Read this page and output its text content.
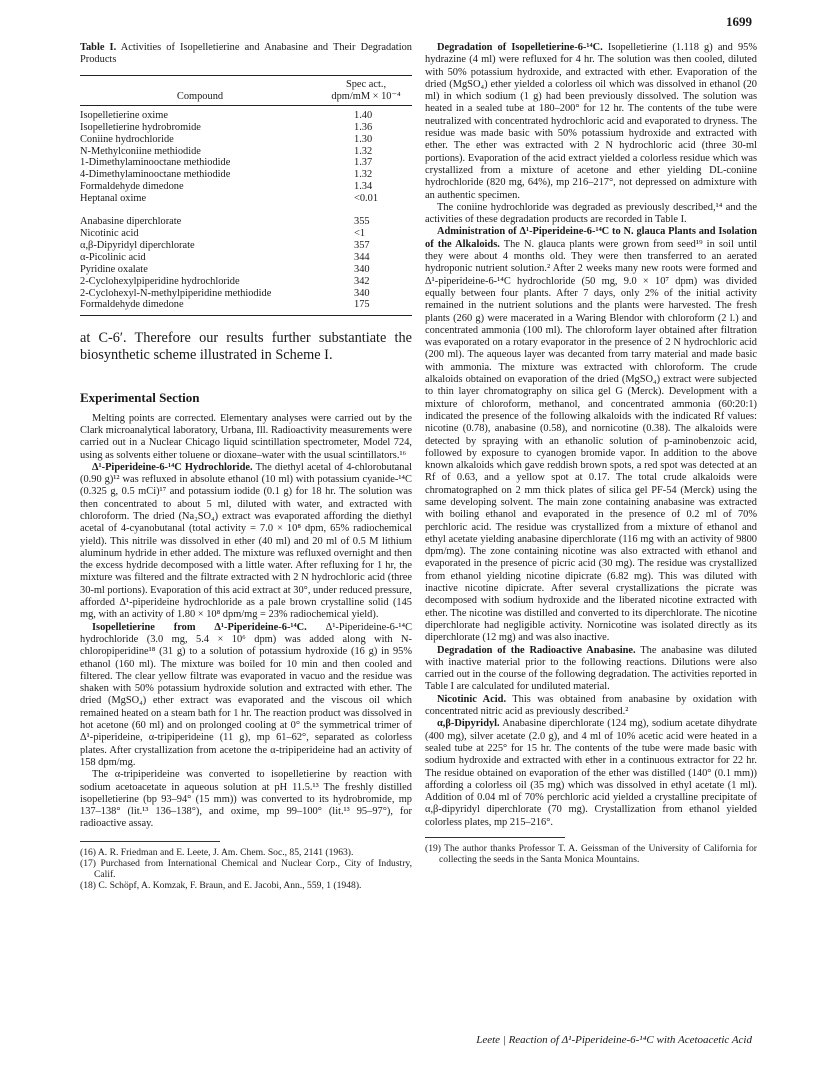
1699
Table I. Activities of Isopelletierine and Anabasine and Their Degradation Products
Compound	Spec act.,
dpm/mM × 10⁻⁴

Isopelletierine oxime	1.40
Isopelletierine hydrobromide	1.36
Coniine hydrochloride	1.30
N-Methylconiine methiodide	1.32
1-Dimethylaminooctane methiodide	1.37
4-Dimethylaminooctane methiodide	1.32
Formaldehyde dimedone	1.34
Heptanal oxime	<0.01

Anabasine diperchlorate	355
Nicotinic acid	<1
α,β-Dipyridyl diperchlorate	357
α-Picolinic acid	344
Pyridine oxalate	340
2-Cyclohexylpiperidine hydrochloride	342
2-Cyclohexyl-N-methylpiperidine methiodide	340
Formaldehyde dimedone	175
at C-6′. Therefore our results further substantiate the biosynthetic scheme illustrated in Scheme I.
Experimental Section

Melting points are corrected. Elementary analyses were carried out by the Clark microanalytical laboratory, Urbana, Ill. Radioactivity measurements were carried out in a Nuclear Chicago liquid scintillation spectrometer, Model 724, using as solvents either toluene or dioxane–water with the usual scintillators.¹⁶

Δ¹-Piperideine-6-¹⁴C Hydrochloride. The diethyl acetal of 4-chlorobutanal (0.90 g)¹² was refluxed in absolute ethanol (10 ml) with potassium cyanide-¹⁴C (0.325 g, 0.5 mCi)¹⁷ and potassium iodide (0.1 g) for 18 hr. The solution was then concentrated to about 5 ml, diluted with water, and extracted with chloroform. The dried (Na₂SO₄) extract was evaporated affording the diethyl acetal of 4-cyanobutanal (total activity = 7.0 × 10⁸ dpm, 65% radiochemical yield). This nitrile was dissolved in ether (40 ml) and 20 ml of 0.5 M lithium aluminum hydride in ether added. The mixture was refluxed overnight and then the excess hydride decomposed with a little water. After refluxing for 1 hr, the mixture was filtered and the filtrate extracted with 2 N hydrochloric acid (three 30-ml portions). Evaporation of this acid extract at 30°, under reduced pressure, afforded Δ¹-piperideine hydrochloride as a pale brown crystalline solid (145 mg, with an activity of 1.80 × 10⁸ dpm/mg = 23% radiochemical yield).

Isopelletierine from Δ¹-Piperideine-6-¹⁴C. Δ¹-Piperideine-6-¹⁴C hydrochloride (3.0 mg, 5.4 × 10⁶ dpm) was added along with N-chloropiperidine¹⁸ (31 g) to a solution of potassium hydroxide (16 g) in 95% ethanol (160 ml). The mixture was boiled for 10 min and then cooled and filtered. The clear yellow filtrate was evaporated in vacuo and the residue was shaken with 50% potassium hydroxide solution and extracted with ether. The dried (MgSO₄) ether extract was evaporated and the viscous oil which remained heated on a steam bath for 1 hr. The reaction product was dissolved in hot acetone (60 ml) and on prolonged cooling at 0° the symmetrical trimer of Δ¹-piperideine, α-tripiperideine (11 g), mp 61–62°, separated as colorless plates. After crystallization from acetone the α-tripiperideine had an activity of 158 dpm/mg.

The α-tripiperideine was converted to isopelletierine by reaction with sodium acetoacetate in aqueous solution at pH 11.5.¹³ The freshly distilled isopelletierine (bp 93–94° (15 mm)) was converted to its hydrobromide, mp 137–138° (lit.¹³ 136–138°), and oxime, mp 99–100° (lit.¹³ 95–97°), for radioactive assay.

(16) A. R. Friedman and E. Leete, J. Am. Chem. Soc., 85, 2141 (1963).

(17) Purchased from International Chemical and Nuclear Corp., City of Industry, Calif.

(18) C. Schöpf, A. Komzak, F. Braun, and E. Jacobi, Ann., 559, 1 (1948).

Degradation of Isopelletierine-6-¹⁴C. Isopelletierine (1.118 g) and 95% hydrazine (4 ml) were refluxed for 4 hr. The solution was then cooled, diluted with 50% potassium hydroxide, and extracted with ether. Evaporation of the dried (MgSO₄) ether yielded a colorless oil which was dissolved in ethanol (20 ml) in which sodium (1 g) had been previously dissolved. The solution was heated in a sealed tube at 180–200° for 12 hr. The contents of the tube were neutralized with concentrated hydrochloric acid and evaporated to dryness. The residue was made basic with 50% potassium hydroxide and extracted with ether. The ether was extracted with 2 N hydrochloric acid (three 30-ml portions). Evaporation of the acid extract yielded a colorless residue which was crystallized from a mixture of acetone and ether yielding DL-coniine hydrochloride (820 mg, 64%), mp 216–217°, not depressed on admixture with an authentic specimen.

The coniine hydrochloride was degraded as previously described,¹⁴ and the activities of these degradation products are recorded in Table I.

Administration of Δ¹-Piperideine-6-¹⁴C to N. glauca Plants and Isolation of the Alkaloids. The N. glauca plants were grown from seed¹⁹ in soil until they were about 4 months old. They were then transferred to an aerated hydroponic nutrient solution.² After 2 weeks many new roots were formed and Δ¹-piperideine-6-¹⁴C hydrochloride (50 mg, 9.0 × 10⁷ dpm) was divided equally between four plants. After 7 days, only 2% of the initial activity remained in the nutrient solutions and the plants were harvested. The fresh plants (260 g) were macerated in a Waring Blendor with chloroform (2 l.) and concentrated ammonia (100 ml). The chloroform layer obtained after filtration was evaporated on a rotary evaporator in the presence of 2 N hydrochloric acid (200 ml). The aqueous layer was decanted from tarry material and made basic with ammonia. The mixture was extracted with chloroform. The crude alkaloids obtained on evaporation of the dried (MgSO₄) extract were subjected to thin layer chromatography on silica gel G (Merck). Development with a mixture of chloroform, methanol, and concentrated ammonia (60:20:1) indicated the presence of the following alkaloids with the indicated Rf values: nicotine (0.78), anabasine (0.58), and nornicotine (0.38). The alkaloids were detected by spraying with an ethanolic solution of p-aminobenzoic acid, followed by exposure to cyanogen bromide vapor. In addition to the above known alkaloids which gave reddish brown spots, a red spot was detected at an Rf of 0.63, and a yellow spot at 0.17. The total crude alkaloids were chromatographed on 2 mm thick plates of silica gel PF-54 (Merck) using the same developing solvent. The main zone containing anabasine was extracted with boiling ethanol and evaporated in the presence of 0.2 ml of 70% perchloric acid. The residue was crystallized from a mixture of ethanol and ethyl acetate yielding anabasine diperchlorate (116 mg with an activity of 9800 dpm/mg). The zone containing nicotine was also extracted with ethanol and evaporated in the presence of picric acid (30 mg). The residue was crystallized from ethanol yielding nicotine dipicrate (6.82 mg). This was diluted with inactive nicotine dipicrate. After several crystallizations the picrate was decomposed with sodium hydroxide and the liberated nicotine extracted with ether. The nicotine was distilled and converted to its diperchlorate. The nicotine diperchlorate had negligible activity. Nornicotine was isolated directly as its diperchlorate (12 mg) and was also inactive.

Degradation of the Radioactive Anabasine. The anabasine was diluted with inactive material prior to the following reactions. Dilutions were also carried out in the course of the following degradation. The activities reported in Table I are calculated for undiluted material.

Nicotinic Acid. This was obtained from anabasine by oxidation with concentrated nitric acid as previously described.²

α,β-Dipyridyl. Anabasine diperchlorate (124 mg), sodium acetate dihydrate (400 mg), silver acetate (2.0 g), and 4 ml of 10% acetic acid were heated in a sealed tube at 225° for 15 hr. The contents of the tube were made basic with sodium hydroxide and extracted with ether in a continuous extractor for 22 hr. The residue obtained on evaporation of the ether was distilled (140° (0.1 mm)) affording a colorless oil (35 mg) which was dissolved in ethyl acetate (1 ml). Addition of 0.04 ml of 70% perchloric acid yielded a crystalline precipitate of α,β-dipyridyl diperchlorate (70 mg). Crystallization from ethanol yielded colorless plates, mp 215–216°.

(19) The author thanks Professor T. A. Geissman of the University of California for collecting the seeds in the Santa Monica Mountains.

Leete | Reaction of Δ¹-Piperideine-6-¹⁴C with Acetoacetic Acid
